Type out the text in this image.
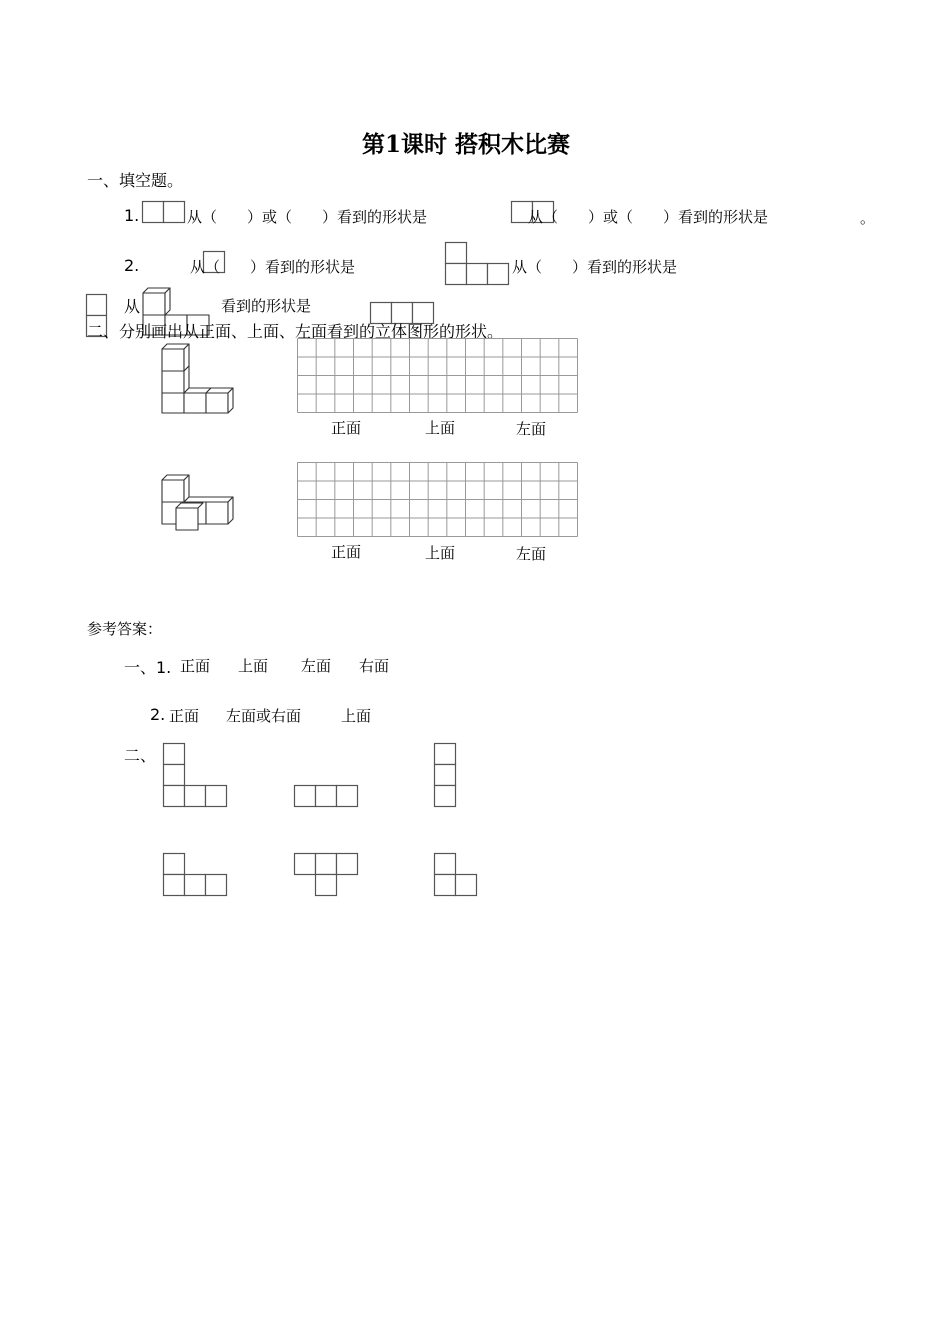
第1课时 搭积木比赛
一、填空题。
1.	从（　　）或（　　）看到的形状是	从（　　）或（　　）看到的形状是	。
2.	从（　　）看到的形状是	从（　　）看到的形状是
从	看到的形状是
二、分别画出从正面、上面、左面看到的立体图形的形状。
正面	上面	左面
正面	上面	左面
参考答案：
一、1. 正面 上面 左面 右面
2. 正面 左面或右面	上面
二、
